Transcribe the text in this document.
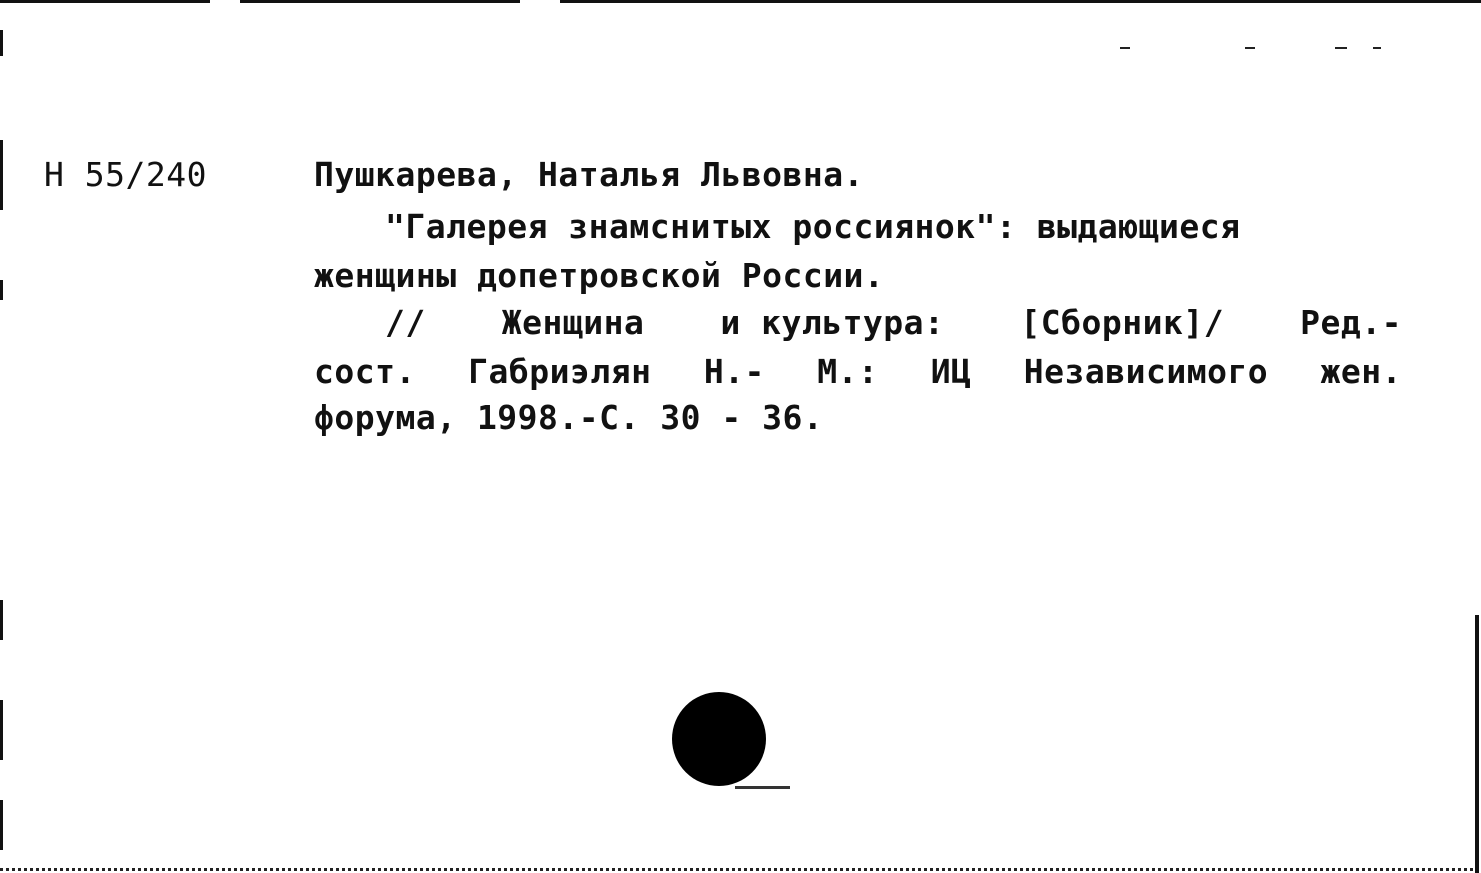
Н 55/240	Пушкарева, Наталья Львовна.
"Галерея знамснитых россиянок": выдающиеся
женщины допетровской России.
// Женщина и культура: [Сборник]/ Ред.-
сост. Габриэлян Н.- М.: ИЦ Независимого жен.
форума, 1998.-С. 30 - 36.
